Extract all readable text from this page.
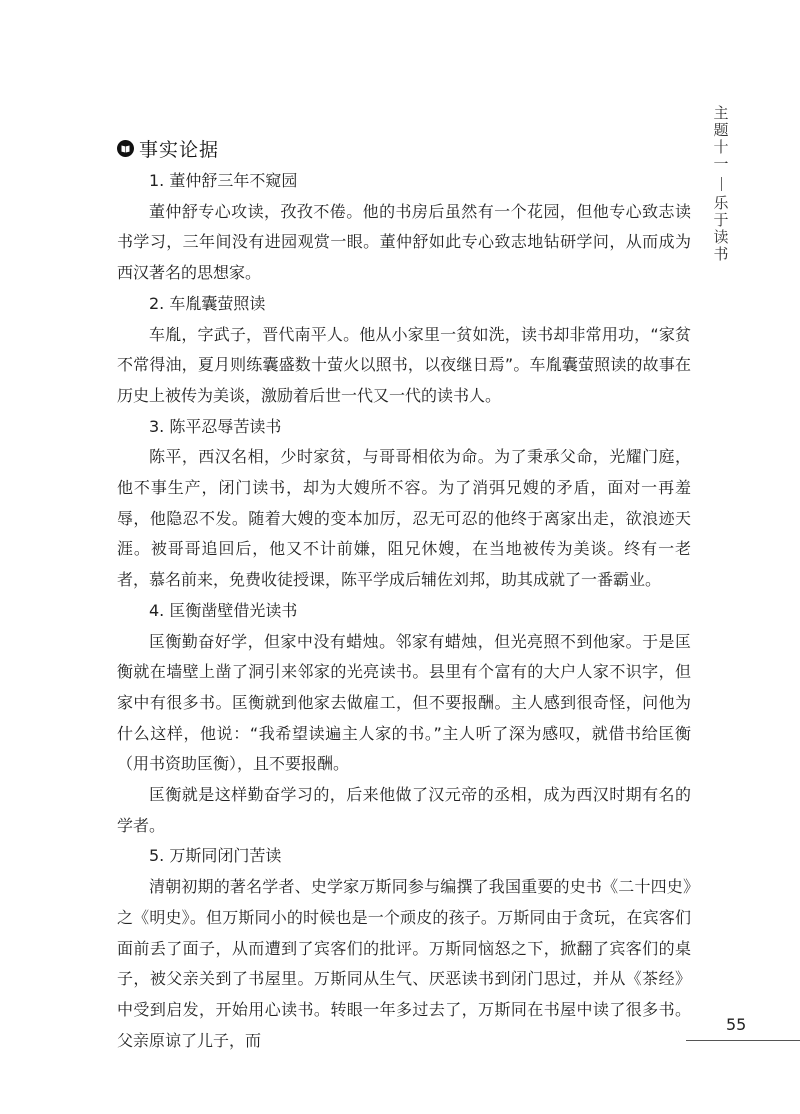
主
题
十
一
乐
于
读
书
事实论据

1. 董仲舒三年不窥园

董仲舒专心攻读，孜孜不倦。他的书房后虽然有一个花园，但他专心致志读书学习，三年间没有进园观赏一眼。董仲舒如此专心致志地钻研学问，从而成为西汉著名的思想家。

2. 车胤囊萤照读

车胤，字武子，晋代南平人。他从小家里一贫如洗，读书却非常用功，“家贫不常得油，夏月则练囊盛数十萤火以照书，以夜继日焉”。车胤囊萤照读的故事在历史上被传为美谈，激励着后世一代又一代的读书人。

3. 陈平忍辱苦读书

陈平，西汉名相，少时家贫，与哥哥相依为命。为了秉承父命，光耀门庭，他不事生产，闭门读书，却为大嫂所不容。为了消弭兄嫂的矛盾，面对一再羞辱，他隐忍不发。随着大嫂的变本加厉，忍无可忍的他终于离家出走，欲浪迹天涯。被哥哥追回后，他又不计前嫌，阻兄休嫂，在当地被传为美谈。终有一老者，慕名前来，免费收徒授课，陈平学成后辅佐刘邦，助其成就了一番霸业。

4. 匡衡凿壁借光读书

匡衡勤奋好学，但家中没有蜡烛。邻家有蜡烛，但光亮照不到他家。于是匡衡就在墙壁上凿了洞引来邻家的光亮读书。县里有个富有的大户人家不识字，但家中有很多书。匡衡就到他家去做雇工，但不要报酬。主人感到很奇怪，问他为什么这样，他说：“我希望读遍主人家的书。”主人听了深为感叹，就借书给匡衡（用书资助匡衡），且不要报酬。

匡衡就是这样勤奋学习的，后来他做了汉元帝的丞相，成为西汉时期有名的学者。

5. 万斯同闭门苦读

清朝初期的著名学者、史学家万斯同参与编撰了我国重要的史书《二十四史》之《明史》。但万斯同小的时候也是一个顽皮的孩子。万斯同由于贪玩，在宾客们面前丢了面子，从而遭到了宾客们的批评。万斯同恼怒之下，掀翻了宾客们的桌子，被父亲关到了书屋里。万斯同从生气、厌恶读书到闭门思过，并从《茶经》中受到启发，开始用心读书。转眼一年多过去了，万斯同在书屋中读了很多书。父亲原谅了儿子，而

55
